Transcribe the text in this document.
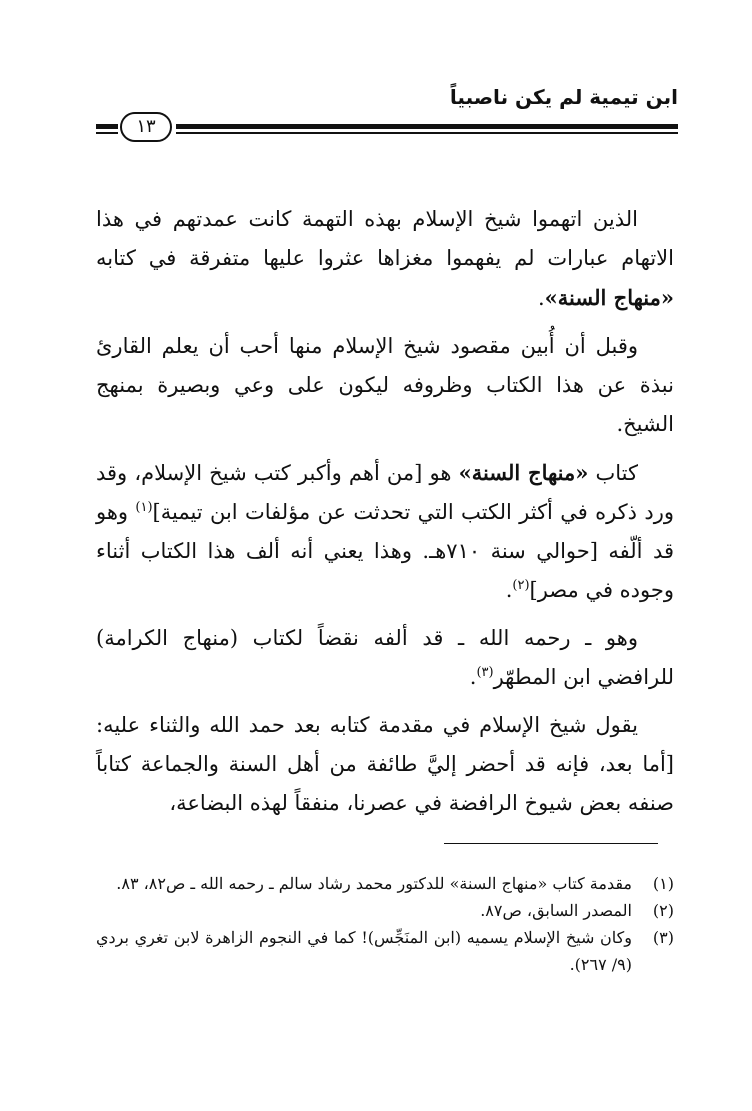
ابن تيمية لم يكن ناصبياً
١٣

الذين اتهموا شيخ الإسلام بهذه التهمة كانت عمدتهم في هذا الاتهام عبارات لم يفهموا مغزاها عثروا عليها متفرقة في كتابه «منهاج السنة».

وقبل أن أُبين مقصود شيخ الإسلام منها أحب أن يعلم القارئ نبذة عن هذا الكتاب وظروفه ليكون على وعي وبصيرة بمنهج الشيخ.

كتاب «منهاج السنة» هو [من أهم وأكبر كتب شيخ الإسلام، وقد ورد ذكره في أكثر الكتب التي تحدثت عن مؤلفات ابن تيمية]$^{(١)}$ وهو قد ألّفه [حوالي سنة ٧١٠هـ. وهذا يعني أنه ألف هذا الكتاب أثناء وجوده في مصر]$^{(٢)}$.

وهو ـ رحمه الله ـ قد ألفه نقضاً لكتاب (منهاج الكرامة) للرافضي ابن المطهّر$^{(٣)}$.

يقول شيخ الإسلام في مقدمة كتابه بعد حمد الله والثناء عليه: [أما بعد، فإنه قد أحضر إليَّ طائفة من أهل السنة والجماعة كتاباً صنفه بعض شيوخ الرافضة في عصرنا، منفقاً لهذه البضاعة،

(١)
مقدمة كتاب «منهاج السنة» للدكتور محمد رشاد سالم ـ رحمه الله ـ ص٨٢، ٨٣.
(٢)
المصدر السابق، ص٨٧.
(٣)
وكان شيخ الإسلام يسميه (ابن المنَجِّس)! كما في النجوم الزاهرة لابن تغري بردي (٩/ ٢٦٧).
